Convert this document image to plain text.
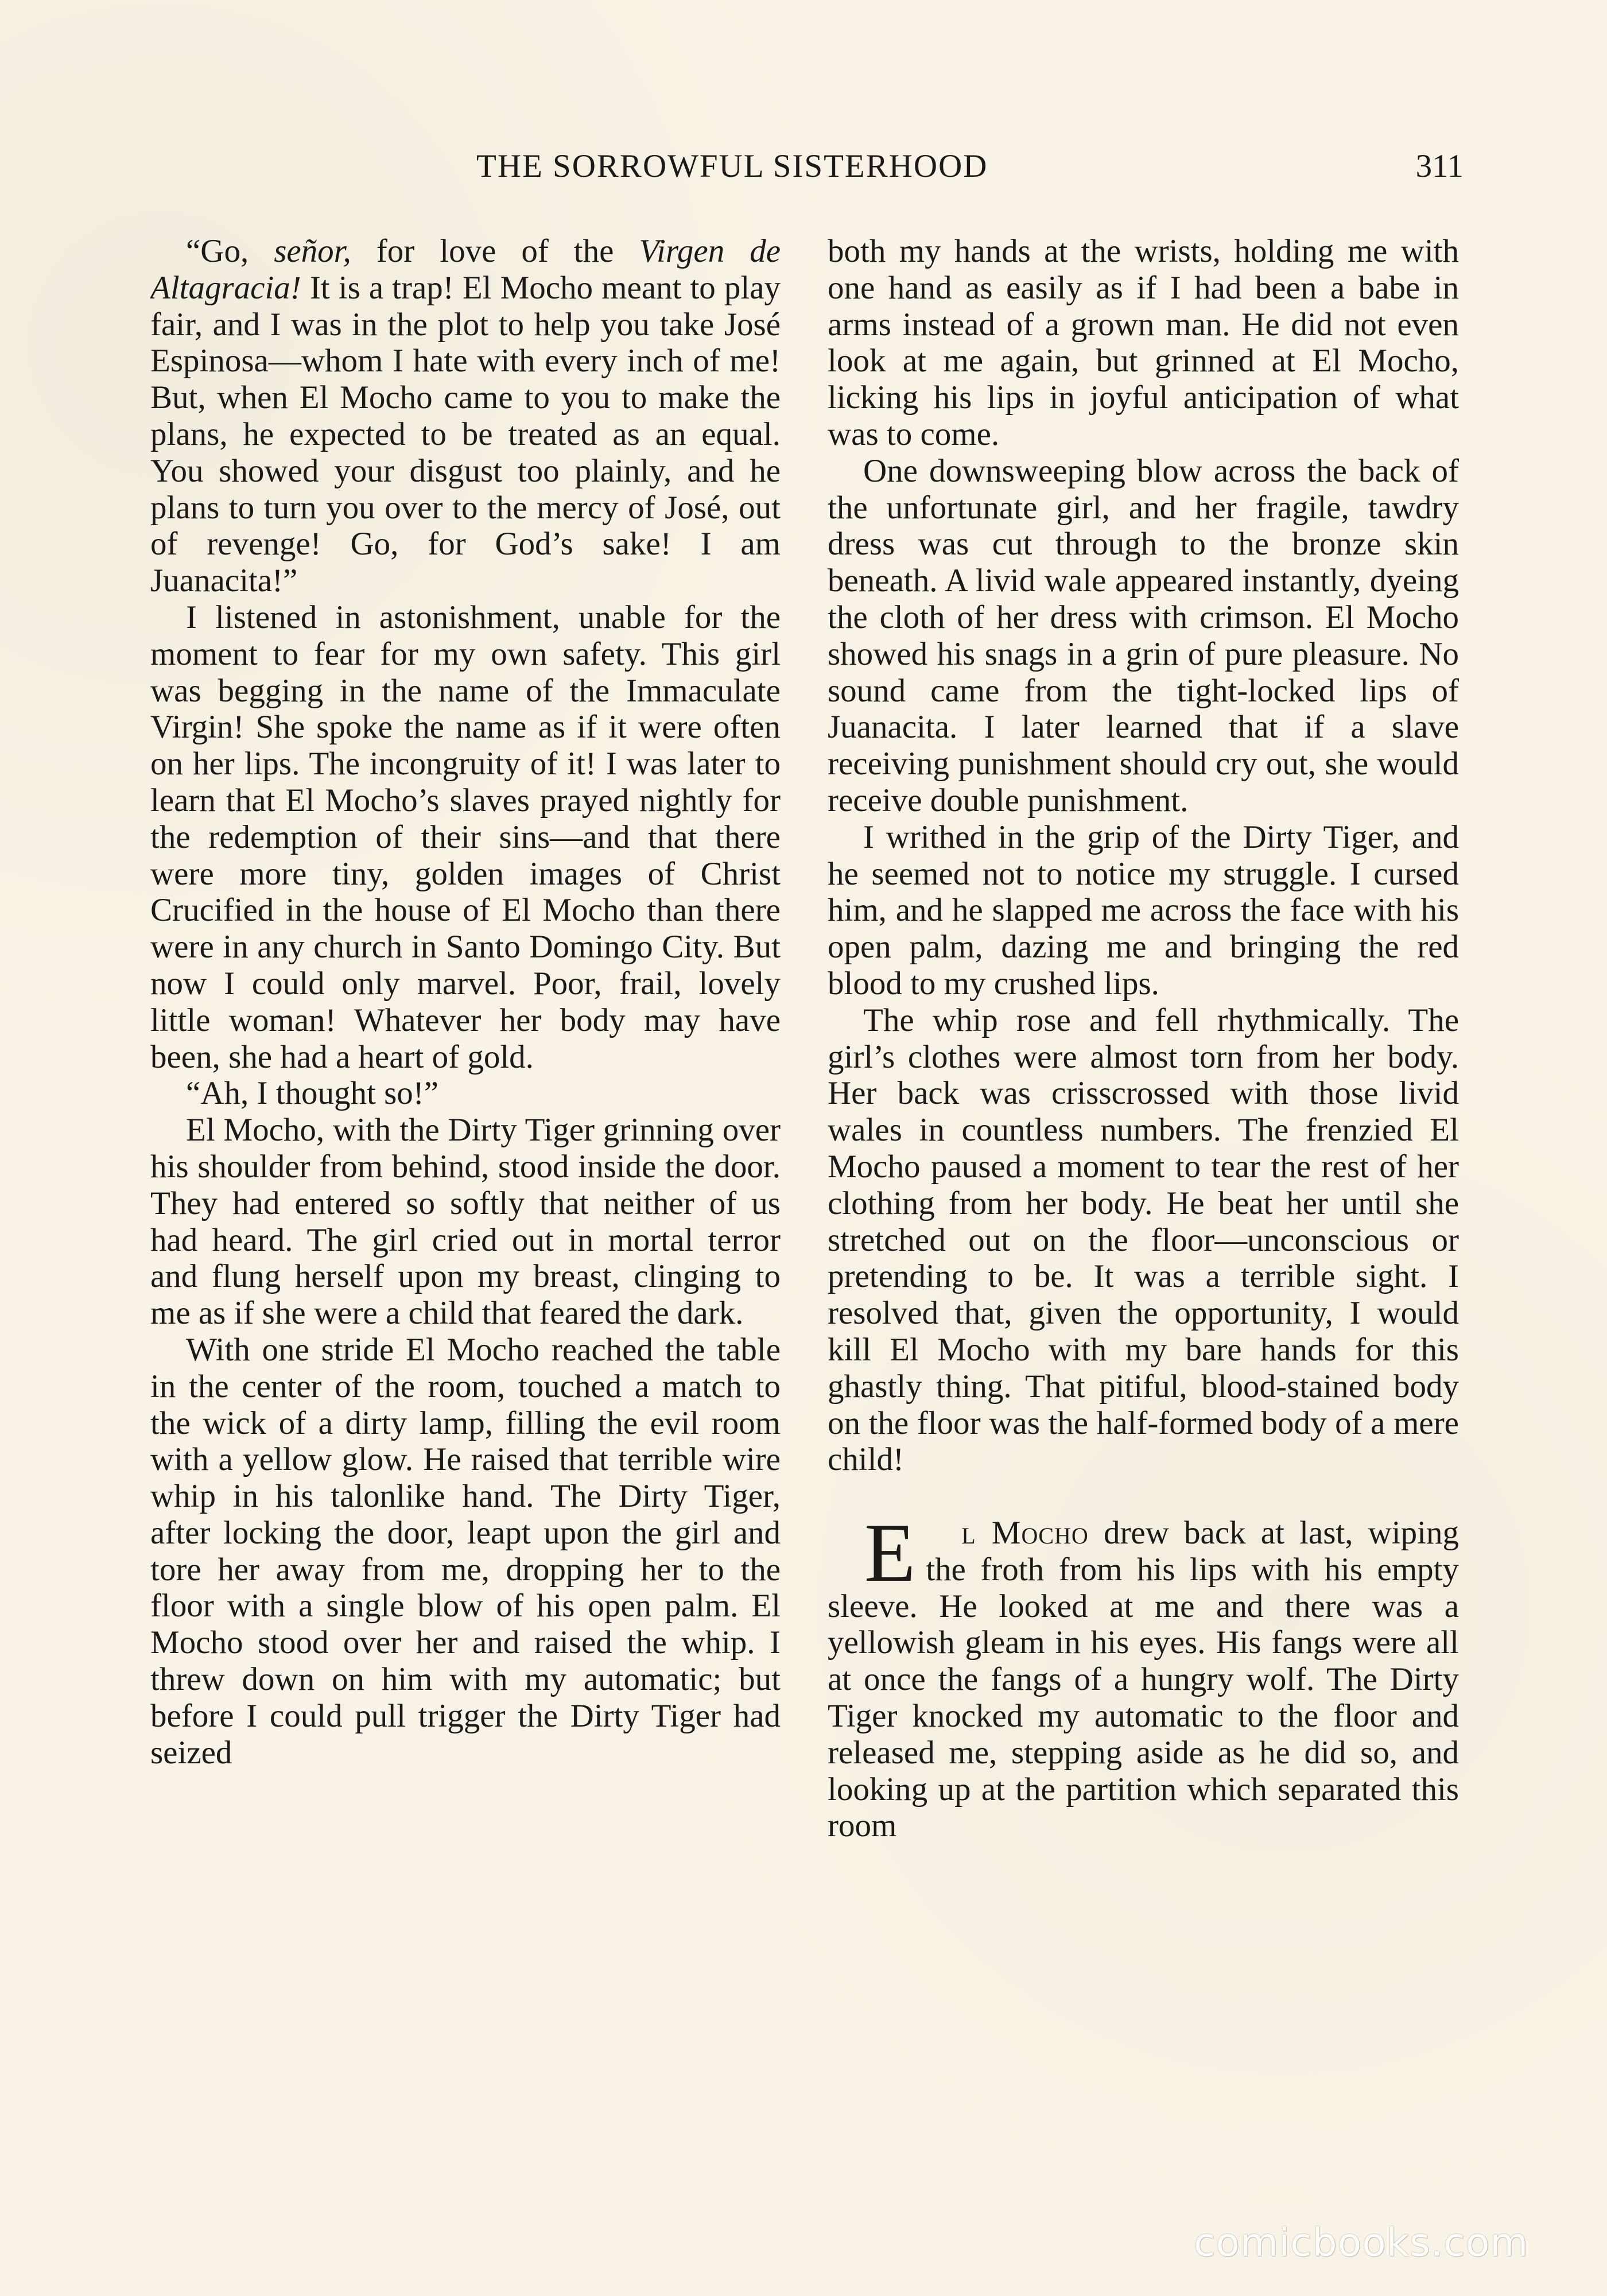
THE SORROWFUL SISTERHOOD	311

“Go, señor, for love of the Virgen de Altagracia! It is a trap! El Mocho meant to play fair, and I was in the plot to help you take José Espinosa—whom I hate with every inch of me! But, when El Mocho came to you to make the plans, he expected to be treated as an equal. You showed your disgust too plainly, and he plans to turn you over to the mercy of José, out of revenge! Go, for God’s sake! I am Juanacita!”

I listened in astonishment, unable for the moment to fear for my own safety. This girl was begging in the name of the Immaculate Virgin! She spoke the name as if it were often on her lips. The incongruity of it! I was later to learn that El Mocho’s slaves prayed nightly for the redemption of their sins—and that there were more tiny, golden images of Christ Crucified in the house of El Mocho than there were in any church in Santo Domingo City. But now I could only marvel. Poor, frail, lovely little woman! Whatever her body may have been, she had a heart of gold.

“Ah, I thought so!”

El Mocho, with the Dirty Tiger grinning over his shoulder from behind, stood inside the door. They had entered so softly that neither of us had heard. The girl cried out in mortal terror and flung herself upon my breast, clinging to me as if she were a child that feared the dark.

With one stride El Mocho reached the table in the center of the room, touched a match to the wick of a dirty lamp, filling the evil room with a yellow glow. He raised that terrible wire whip in his talonlike hand. The Dirty Tiger, after locking the door, leapt upon the girl and tore her away from me, dropping her to the floor with a single blow of his open palm. El Mocho stood over her and raised the whip. I threw down on him with my automatic; but before I could pull trigger the Dirty Tiger had seized

both my hands at the wrists, holding me with one hand as easily as if I had been a babe in arms instead of a grown man. He did not even look at me again, but grinned at El Mocho, licking his lips in joyful anticipation of what was to come.

One downsweeping blow across the back of the unfortunate girl, and her fragile, tawdry dress was cut through to the bronze skin beneath. A livid wale appeared instantly, dyeing the cloth of her dress with crimson. El Mocho showed his snags in a grin of pure pleasure. No sound came from the tight-locked lips of Juanacita. I later learned that if a slave receiving punishment should cry out, she would receive double punishment.

I writhed in the grip of the Dirty Tiger, and he seemed not to notice my struggle. I cursed him, and he slapped me across the face with his open palm, dazing me and bringing the red blood to my crushed lips.

The whip rose and fell rhythmically. The girl’s clothes were almost torn from her body. Her back was crisscrossed with those livid wales in countless numbers. The frenzied El Mocho paused a moment to tear the rest of her clothing from her body. He beat her until she stretched out on the floor—unconscious or pretending to be. It was a terrible sight. I resolved that, given the opportunity, I would kill El Mocho with my bare hands for this ghastly thing. That pitiful, blood-stained body on the floor was the half-formed body of a mere child!

E l Mocho drew back at last, wiping the froth from his lips with his empty sleeve. He looked at me and there was a yellowish gleam in his eyes. His fangs were all at once the fangs of a hungry wolf. The Dirty Tiger knocked my automatic to the floor and released me, stepping aside as he did so, and looking up at the partition which separated this room

comicbooks.com
